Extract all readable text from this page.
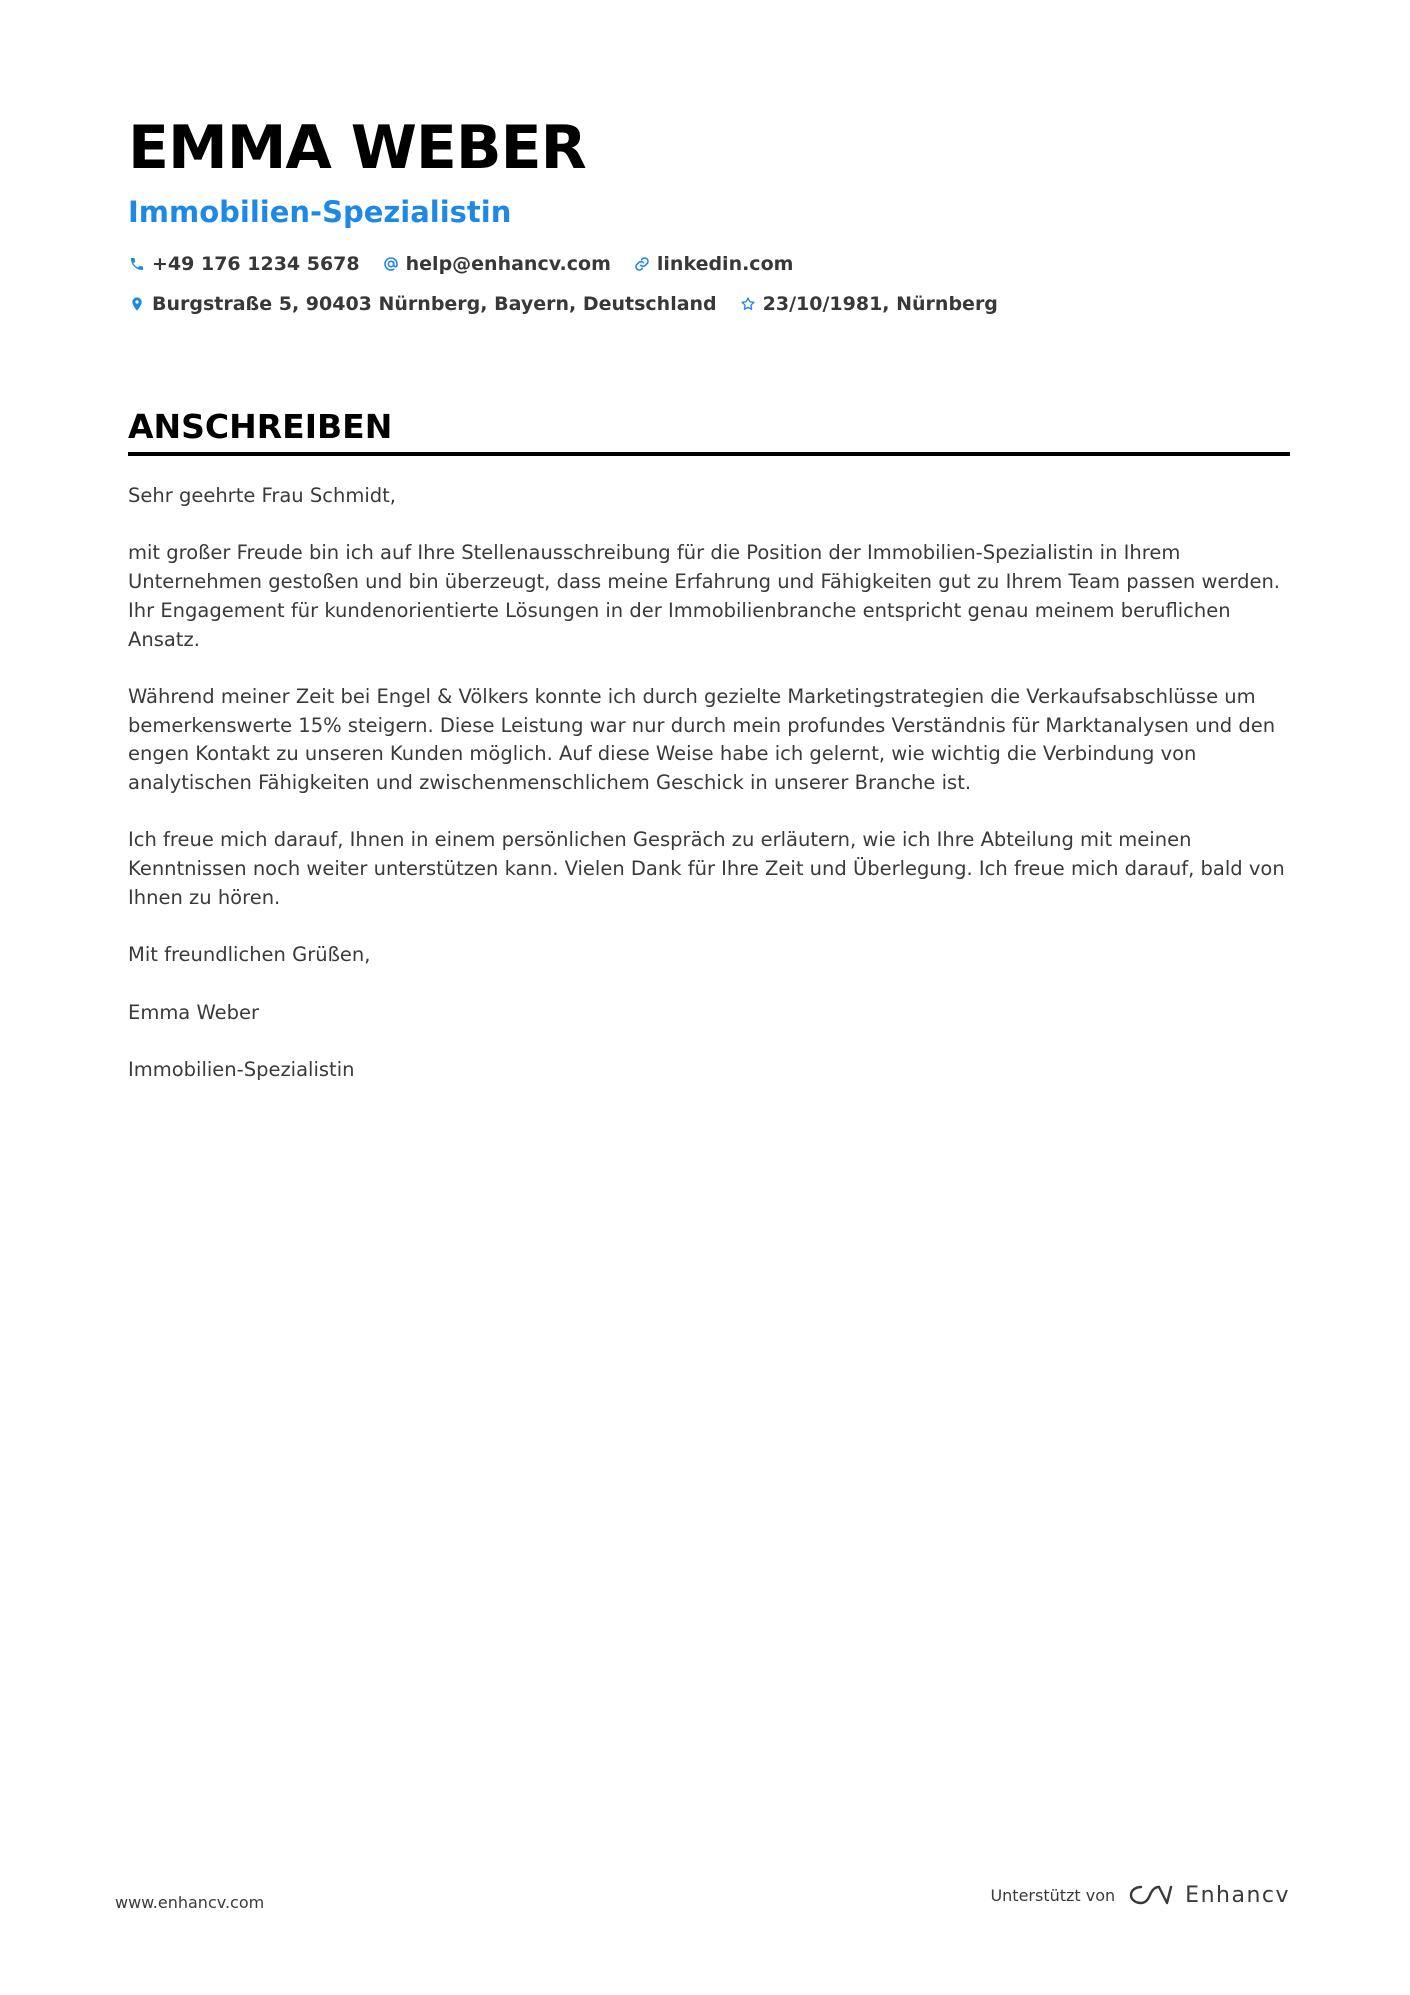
EMMA WEBER
Immobilien-Spezialistin
+49 176 1234 5678 help@enhancv.com linkedin.com
Burgstraße 5, 90403 Nürnberg, Bayern, Deutschland 23/10/1981, Nürnberg
ANSCHREIBEN

Sehr geehrte Frau Schmidt,

mit großer Freude bin ich auf Ihre Stellenausschreibung für die Position der Immobilien-Spezialistin in Ihrem Unternehmen gestoßen und bin überzeugt, dass meine Erfahrung und Fähigkeiten gut zu Ihrem Team passen werden. Ihr Engagement für kundenorientierte Lösungen in der Immobilienbranche entspricht genau meinem beruflichen Ansatz.

Während meiner Zeit bei Engel & Völkers konnte ich durch gezielte Marketingstrategien die Verkaufsabschlüsse um bemerkenswerte 15% steigern. Diese Leistung war nur durch mein profundes Verständnis für Marktanalysen und den engen Kontakt zu unseren Kunden möglich. Auf diese Weise habe ich gelernt, wie wichtig die Verbindung von analytischen Fähigkeiten und zwischenmenschlichem Geschick in unserer Branche ist.

Ich freue mich darauf, Ihnen in einem persönlichen Gespräch zu erläutern, wie ich Ihre Abteilung mit meinen Kenntnissen noch weiter unterstützen kann. Vielen Dank für Ihre Zeit und Überlegung. Ich freue mich darauf, bald von Ihnen zu hören.

Mit freundlichen Grüßen,

Emma Weber

Immobilien-Spezialistin

www.enhancv.com	Unterstützt von	Enhancv
